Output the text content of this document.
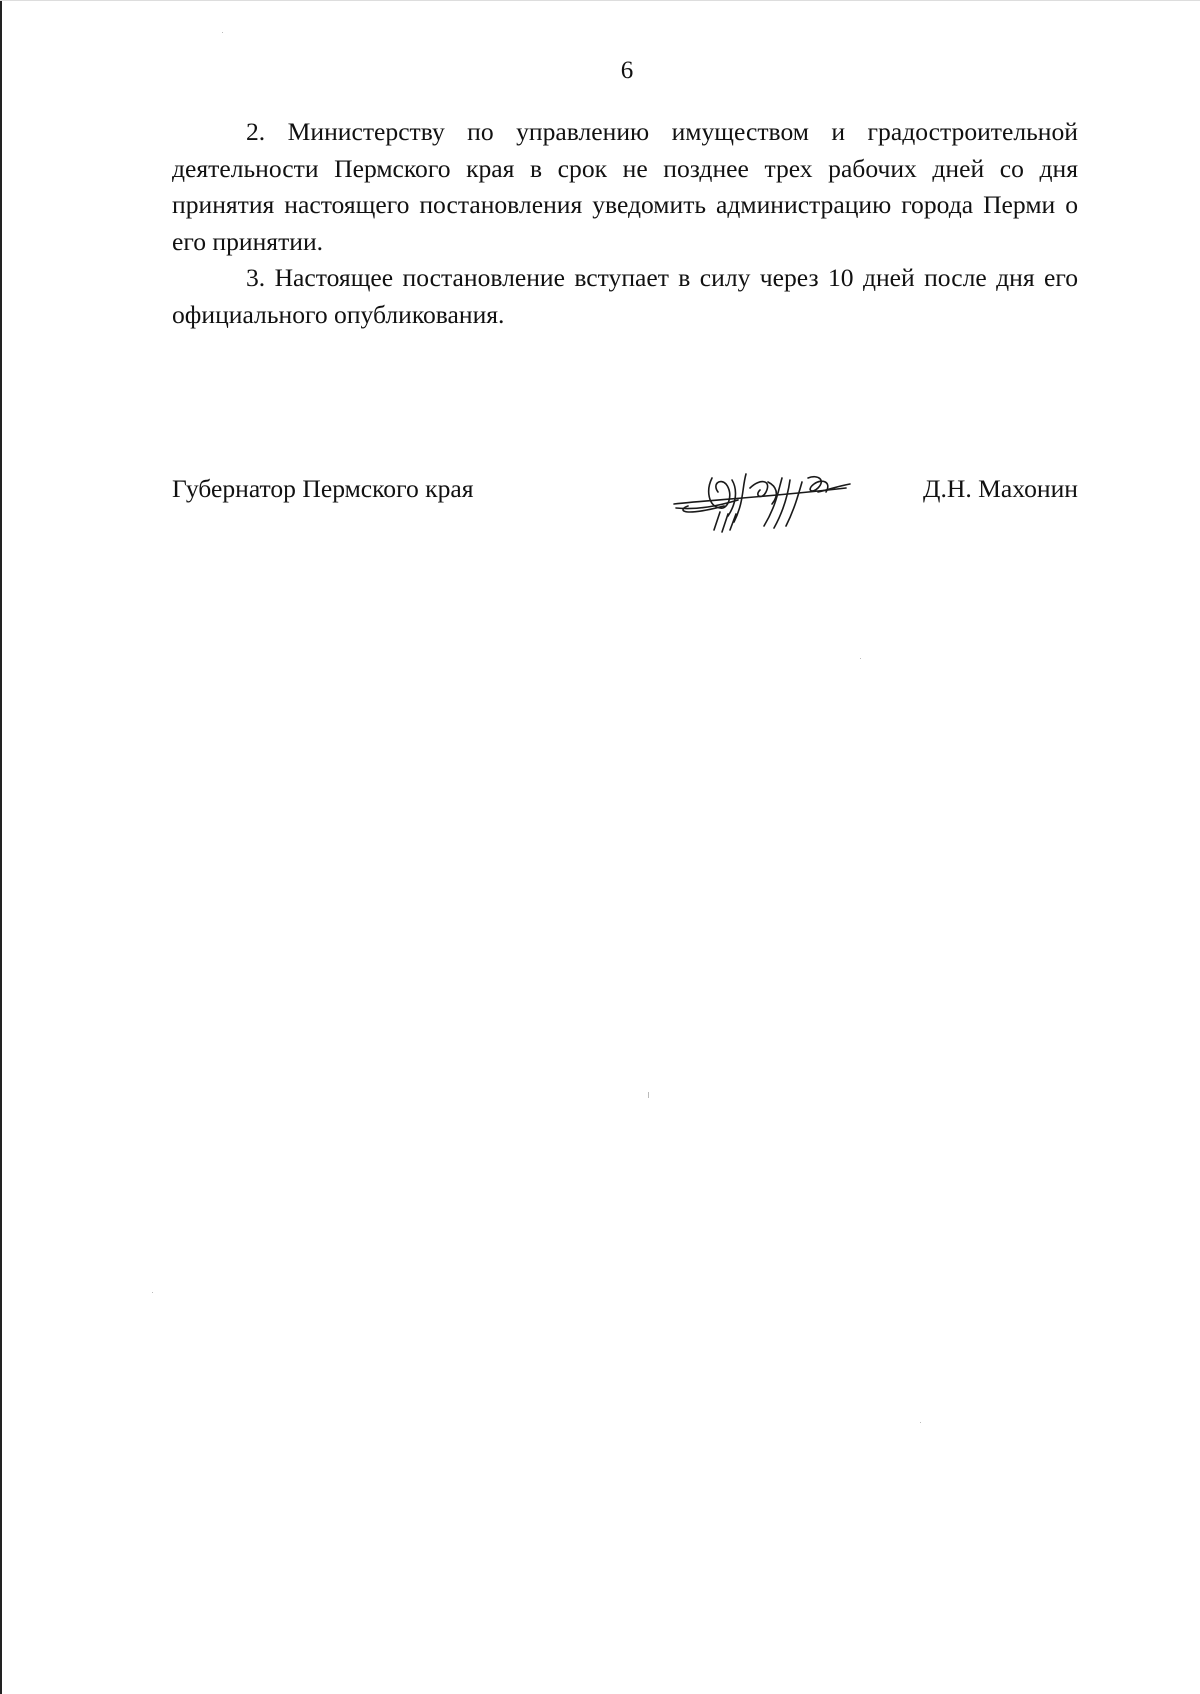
6

2. Министерству по управлению имуществом и градостроительной деятельности Пермского края в срок не позднее трех рабочих дней со дня принятия настоящего постановления уведомить администрацию города Перми о его принятии.

3. Настоящее постановление вступает в силу через 10 дней после дня его официального опубликования.

Губернатор Пермского края	Д.Н. Махонин
